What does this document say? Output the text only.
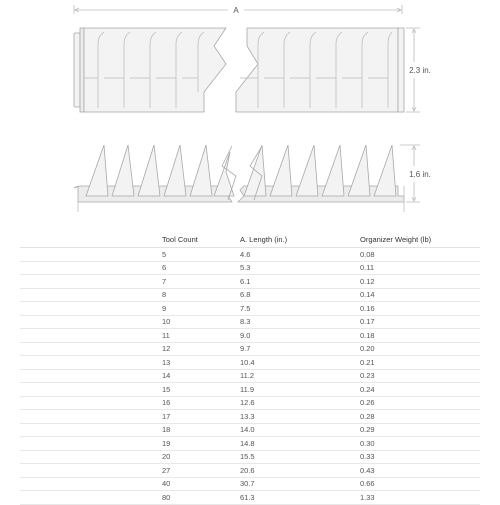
A
2.3 in.
1.6 in.
		Tool Count	A. Length (in.)	Organizer Weight (lb)
		5	4.6	0.08
		6	5.3	0.11
		7	6.1	0.12
		8	6.8	0.14
		9	7.5	0.16
		10	8.3	0.17
		11	9.0	0.18
		12	9.7	0.20
		13	10.4	0.21
		14	11.2	0.23
		15	11.9	0.24
		16	12.6	0.26
		17	13.3	0.28
		18	14.0	0.29
		19	14.8	0.30
		20	15.5	0.33
		27	20.6	0.43
		40	30.7	0.66
		80	61.3	1.33
